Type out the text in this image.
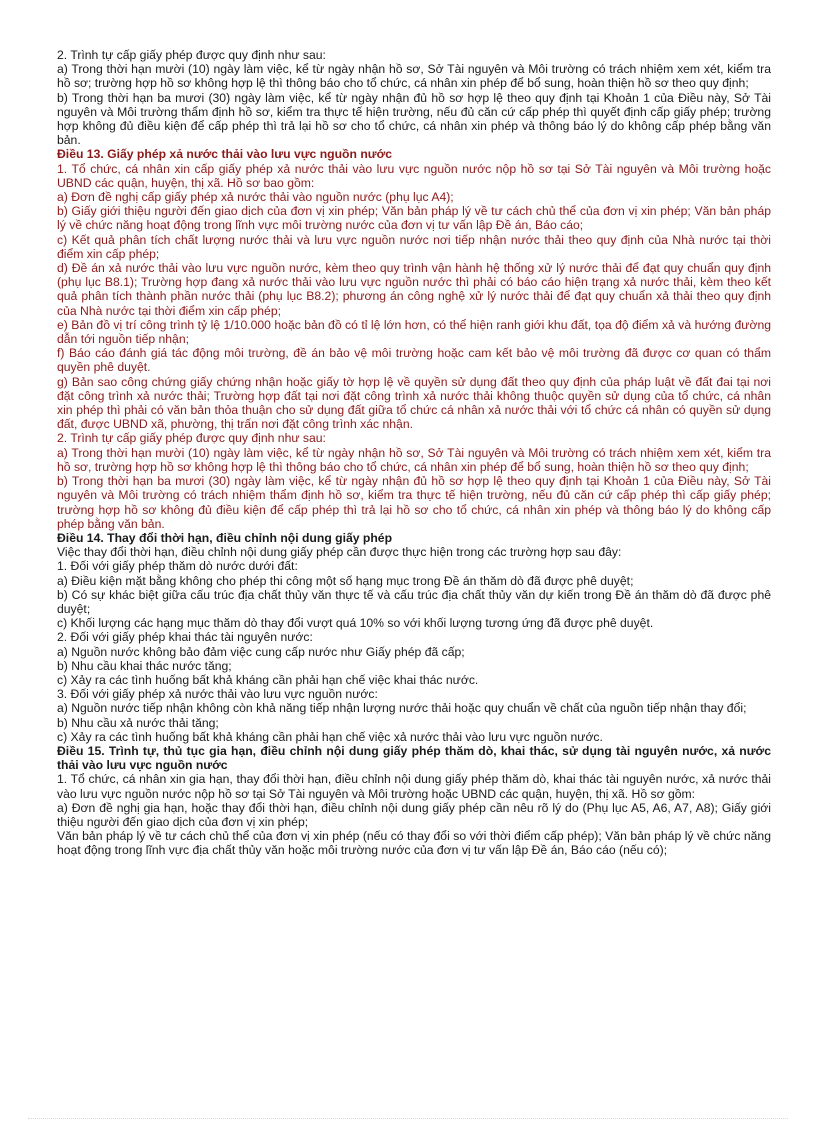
2. Trình tự cấp giấy phép được quy định như sau:

a) Trong thời hạn mười (10) ngày làm việc, kể từ ngày nhận hồ sơ, Sở Tài nguyên và Môi trường có trách nhiệm xem xét, kiểm tra hồ sơ; trường hợp hồ sơ không hợp lệ thì thông báo cho tổ chức, cá nhân xin phép để bổ sung, hoàn thiện hồ sơ theo quy định;

b) Trong thời hạn ba mươi (30) ngày làm việc, kể từ ngày nhận đủ hồ sơ hợp lệ theo quy định tại Khoản 1 của Điều này, Sở Tài nguyên và Môi trường thẩm định hồ sơ, kiểm tra thực tế hiện trường, nếu đủ căn cứ cấp phép thì quyết định cấp giấy phép; trường hợp không đủ điều kiện để cấp phép thì trả lại hồ sơ cho tổ chức, cá nhân xin phép và thông báo lý do không cấp phép bằng văn bản.

Điều 13. Giấy phép xả nước thải vào lưu vực nguồn nước

1. Tổ chức, cá nhân xin cấp giấy phép xả nước thải vào lưu vực nguồn nước nộp hồ sơ tại Sở Tài nguyên và Môi trường hoặc UBND các quận, huyện, thị xã. Hồ sơ bao gồm:

a) Đơn đề nghị cấp giấy phép xả nước thải vào nguồn nước (phụ lục A4);

b) Giấy giới thiệu người đến giao dịch của đơn vị xin phép; Văn bản pháp lý về tư cách chủ thể của đơn vị xin phép; Văn bản pháp lý về chức năng hoạt động trong lĩnh vực môi trường nước của đơn vị tư vấn lập Đề án, Báo cáo;

c) Kết quả phân tích chất lượng nước thải và lưu vực nguồn nước nơi tiếp nhận nước thải theo quy định của Nhà nước tại thời điểm xin cấp phép;

d) Đề án xả nước thải vào lưu vực nguồn nước, kèm theo quy trình vận hành hệ thống xử lý nước thải để đạt quy chuẩn quy định (phụ lục B8.1); Trường hợp đang xả nước thải vào lưu vực nguồn nước thì phải có báo cáo hiện trạng xả nước thải, kèm theo kết quả phân tích thành phần nước thải (phụ lục B8.2); phương án công nghệ xử lý nước thải để đạt quy chuẩn xả thải theo quy định của Nhà nước tại thời điểm xin cấp phép;

e) Bản đồ vị trí công trình tỷ lệ 1/10.000 hoặc bản đồ có tỉ lệ lớn hơn, có thể hiện ranh giới khu đất, tọa độ điểm xả và hướng đường dẫn tới nguồn tiếp nhận;

f) Báo cáo đánh giá tác động môi trường, đề án bảo vệ môi trường hoặc cam kết bảo vệ môi trường đã được cơ quan có thẩm quyền phê duyệt.

g) Bản sao công chứng giấy chứng nhận hoặc giấy tờ hợp lệ về quyền sử dụng đất theo quy định của pháp luật về đất đai tại nơi đặt công trình xả nước thải; Trường hợp đất tại nơi đặt công trình xả nước thải không thuộc quyền sử dụng của tổ chức, cá nhân xin phép thì phải có văn bản thỏa thuận cho sử dụng đất giữa tổ chức cá nhân xả nước thải với tổ chức cá nhân có quyền sử dụng đất, được UBND xã, phường, thị trấn nơi đặt công trình xác nhận.

2. Trình tự cấp giấy phép được quy định như sau:

a) Trong thời hạn mười (10) ngày làm việc, kể từ ngày nhận hồ sơ, Sở Tài nguyên và Môi trường có trách nhiệm xem xét, kiểm tra hồ sơ, trường hợp hồ sơ không hợp lệ thì thông báo cho tổ chức, cá nhân xin phép để bổ sung, hoàn thiện hồ sơ theo quy định;

b) Trong thời hạn ba mươi (30) ngày làm việc, kể từ ngày nhận đủ hồ sơ hợp lệ theo quy định tại Khoản 1 của Điều này, Sở Tài nguyên và Môi trường có trách nhiệm thẩm định hồ sơ, kiểm tra thực tế hiện trường, nếu đủ căn cứ cấp phép thì cấp giấy phép; trường hợp hồ sơ không đủ điều kiện để cấp phép thì trả lại hồ sơ cho tổ chức, cá nhân xin phép và thông báo lý do không cấp phép bằng văn bản.

Điều 14. Thay đổi thời hạn, điều chỉnh nội dung giấy phép

Việc thay đổi thời hạn, điều chỉnh nội dung giấy phép cần được thực hiện trong các trường hợp sau đây:

1. Đối với giấy phép thăm dò nước dưới đất:

a) Điều kiện mặt bằng không cho phép thi công một số hạng mục trong Đề án thăm dò đã được phê duyệt;

b) Có sự khác biệt giữa cấu trúc địa chất thủy văn thực tế và cấu trúc địa chất thủy văn dự kiến trong Đề án thăm dò đã được phê duyệt;

c) Khối lượng các hạng mục thăm dò thay đổi vượt quá 10% so với khối lượng tương ứng đã được phê duyệt.

2. Đối với giấy phép khai thác tài nguyên nước:

a) Nguồn nước không bảo đảm việc cung cấp nước như Giấy phép đã cấp;

b) Nhu cầu khai thác nước tăng;

c) Xảy ra các tình huống bất khả kháng cần phải hạn chế việc khai thác nước.

3. Đối với giấy phép xả nước thải vào lưu vực nguồn nước:

a) Nguồn nước tiếp nhận không còn khả năng tiếp nhận lượng nước thải hoặc quy chuẩn về chất của nguồn tiếp nhận thay đổi;

b) Nhu cầu xả nước thải tăng;

c) Xảy ra các tình huống bất khả kháng cần phải hạn chế việc xả nước thải vào lưu vực nguồn nước.

Điều 15. Trình tự, thủ tục gia hạn, điều chỉnh nội dung giấy phép thăm dò, khai thác, sử dụng tài nguyên nước, xả nước thải vào lưu vực nguồn nước

1. Tổ chức, cá nhân xin gia hạn, thay đổi thời hạn, điều chỉnh nội dung giấy phép thăm dò, khai thác tài nguyên nước, xả nước thải vào lưu vực nguồn nước nộp hồ sơ tại Sở Tài nguyên và Môi trường hoặc UBND các quận, huyện, thị xã. Hồ sơ gồm:

a) Đơn đề nghị gia hạn, hoặc thay đổi thời hạn, điều chỉnh nội dung giấy phép cần nêu rõ lý do (Phụ lục A5, A6, A7, A8); Giấy giới thiệu người đến giao dịch của đơn vị xin phép;

Văn bản pháp lý về tư cách chủ thể của đơn vị xin phép (nếu có thay đổi so với thời điểm cấp phép); Văn bản pháp lý về chức năng hoạt động trong lĩnh vực địa chất thủy văn hoặc môi trường nước của đơn vị tư vấn lập Đề án, Báo cáo (nếu có);
